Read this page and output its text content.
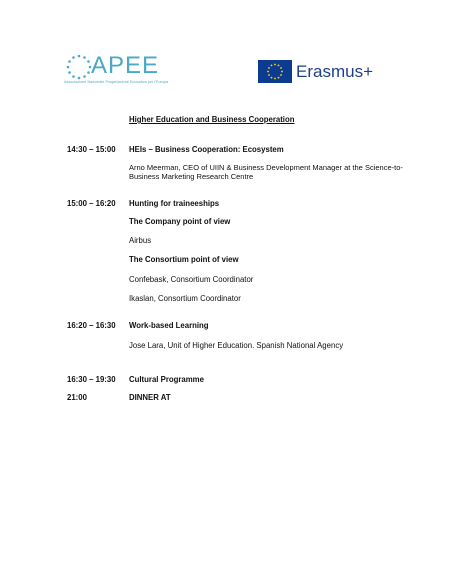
APEE
Associazione Nazionale Progettazione Educativa per l'Europa
Erasmus+
Higher Education and Business Cooperation
14:30 – 15:00 HEIs – Business Cooperation: Ecosystem
Arno Meerman, CEO of UIIN & Business Development Manager at the Science-to-Business Marketing Research Centre
15:00 – 16:20 Hunting for traineeships
The Company point of view
Airbus
The Consortium point of view
Confebask, Consortium Coordinator
Ikaslan, Consortium Coordinator
16:20 – 16:30 Work-based Learning
Jose Lara, Unit of Higher Education. Spanish National Agency
16:30 – 19:30 Cultural Programme
21:00	DINNER AT
